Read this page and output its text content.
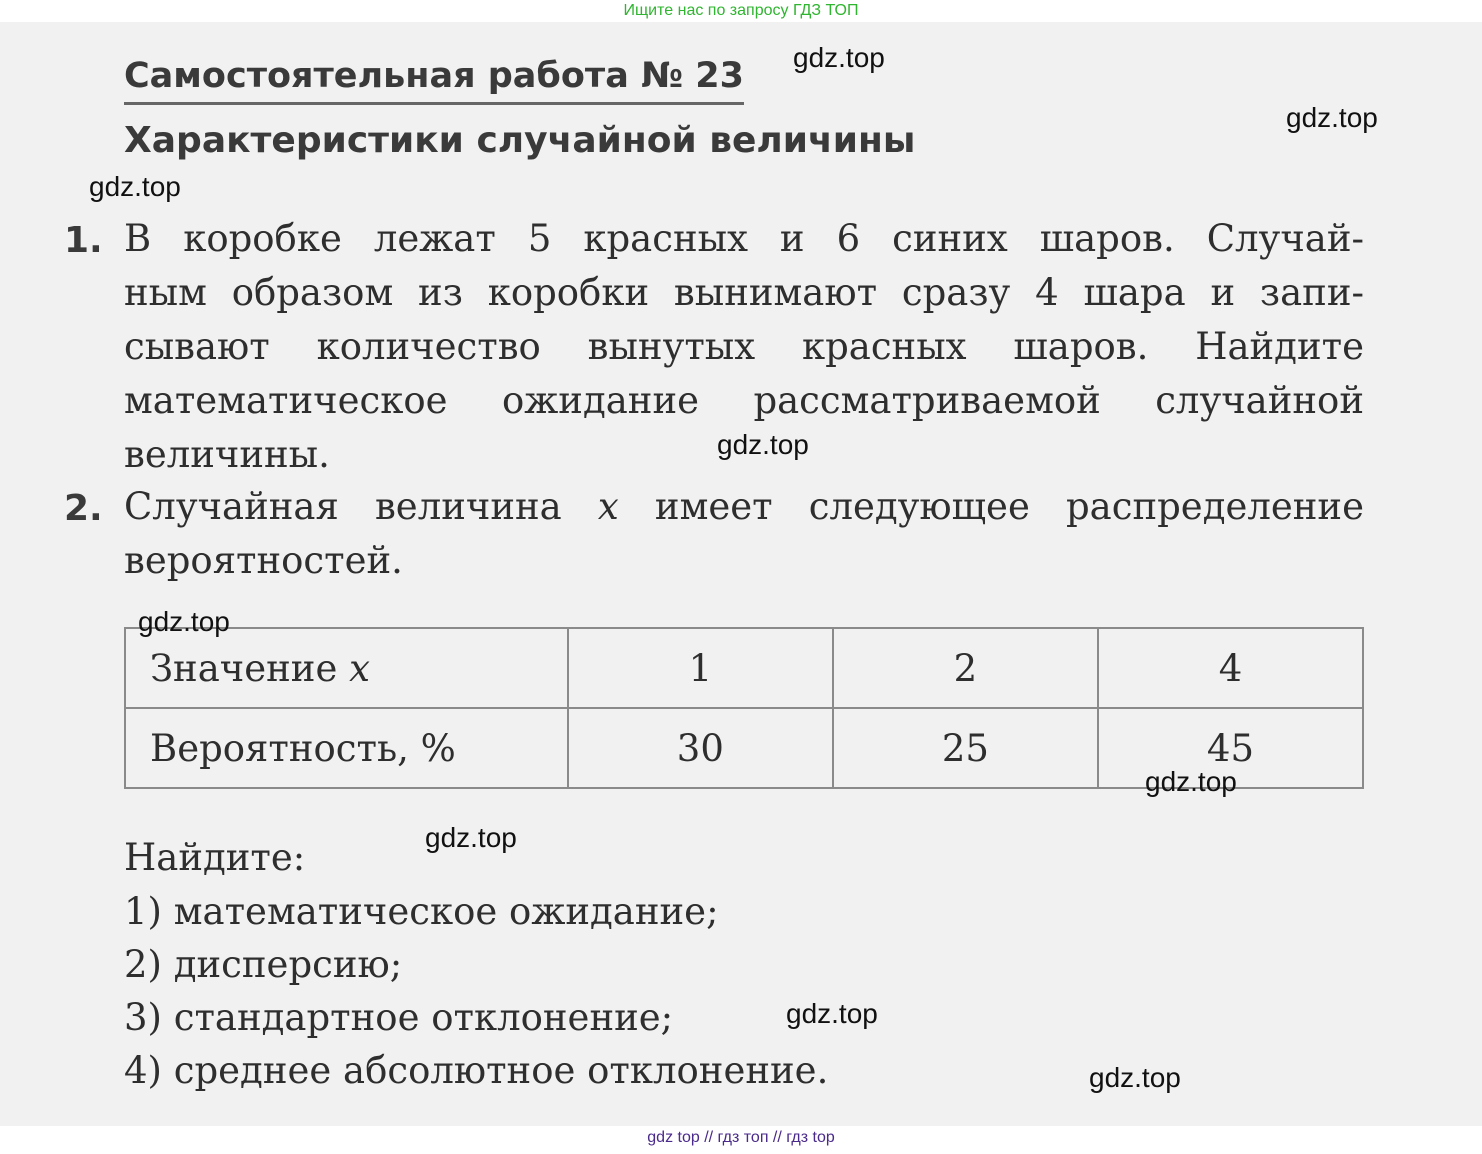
Ищите нас по запросу ГДЗ ТОП
Самостоятельная работа № 23
Характеристики случайной величины
1. В коробке лежат 5 красных и 6 синих шаров. Случай-
ным образом из коробки вынимают сразу 4 шара и запи-
сывают количество вынутых красных шаров. Найдите
математическое ожидание рассматриваемой случайной
величины.
2. Случайная величина x имеет следующее распределение
вероятностей.
Значение x	1	2	4
Вероятность, %	30	25	45
Найдите:
1) математическое ожидание;
2) дисперсию;
3) стандартное отклонение;
4) среднее абсолютное отклонение.
gdz.top
gdz.top
gdz.top
gdz.top
gdz.top
gdz.top
gdz.top
gdz.top
gdz.top
gdz top // гдз топ // гдз top
